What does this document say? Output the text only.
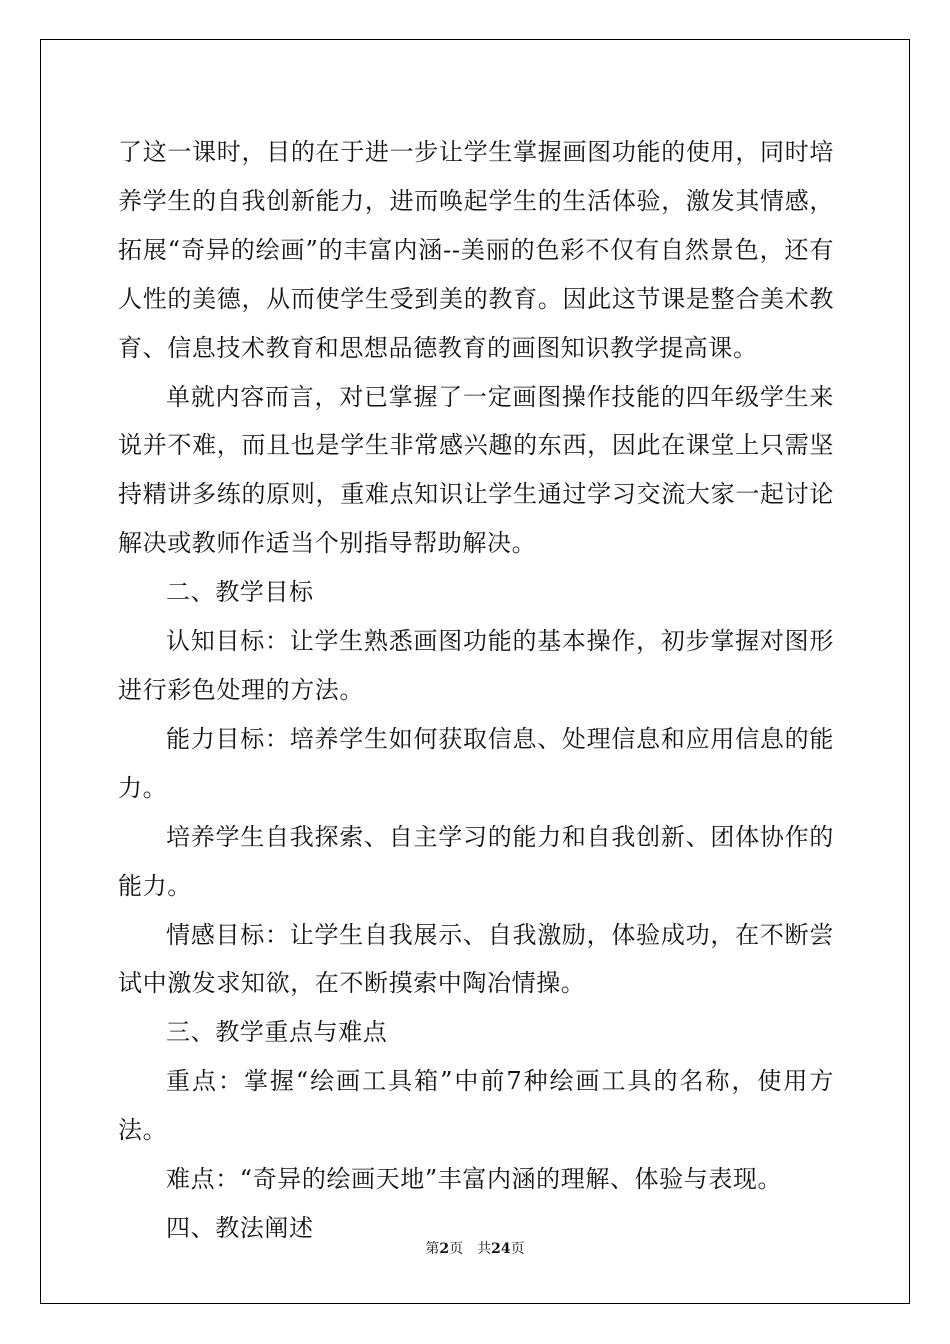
了这一课时，目的在于进一步让学生掌握画图功能的使用，同时培养学生的自我创新能力，进而唤起学生的生活体验，激发其情感，拓展“奇异的绘画”的丰富内涵--美丽的色彩不仅有自然景色，还有人性的美德，从而使学生受到美的教育。因此这节课是整合美术教育、信息技术教育和思想品德教育的画图知识教学提高课。

单就内容而言，对已掌握了一定画图操作技能的四年级学生来说并不难，而且也是学生非常感兴趣的东西，因此在课堂上只需坚持精讲多练的原则，重难点知识让学生通过学习交流大家一起讨论解决或教师作适当个别指导帮助解决。

二、教学目标

认知目标：让学生熟悉画图功能的基本操作，初步掌握对图形进行彩色处理的方法。

能力目标：培养学生如何获取信息、处理信息和应用信息的能力。

培养学生自我探索、自主学习的能力和自我创新、团体协作的能力。

情感目标：让学生自我展示、自我激励，体验成功，在不断尝试中激发求知欲，在不断摸索中陶冶情操。

三、教学重点与难点

重点：掌握“绘画工具箱”中前7种绘画工具的名称，使用方法。

难点：“奇异的绘画天地”丰富内涵的理解、体验与表现。

四、教法阐述

第2页 共24页
